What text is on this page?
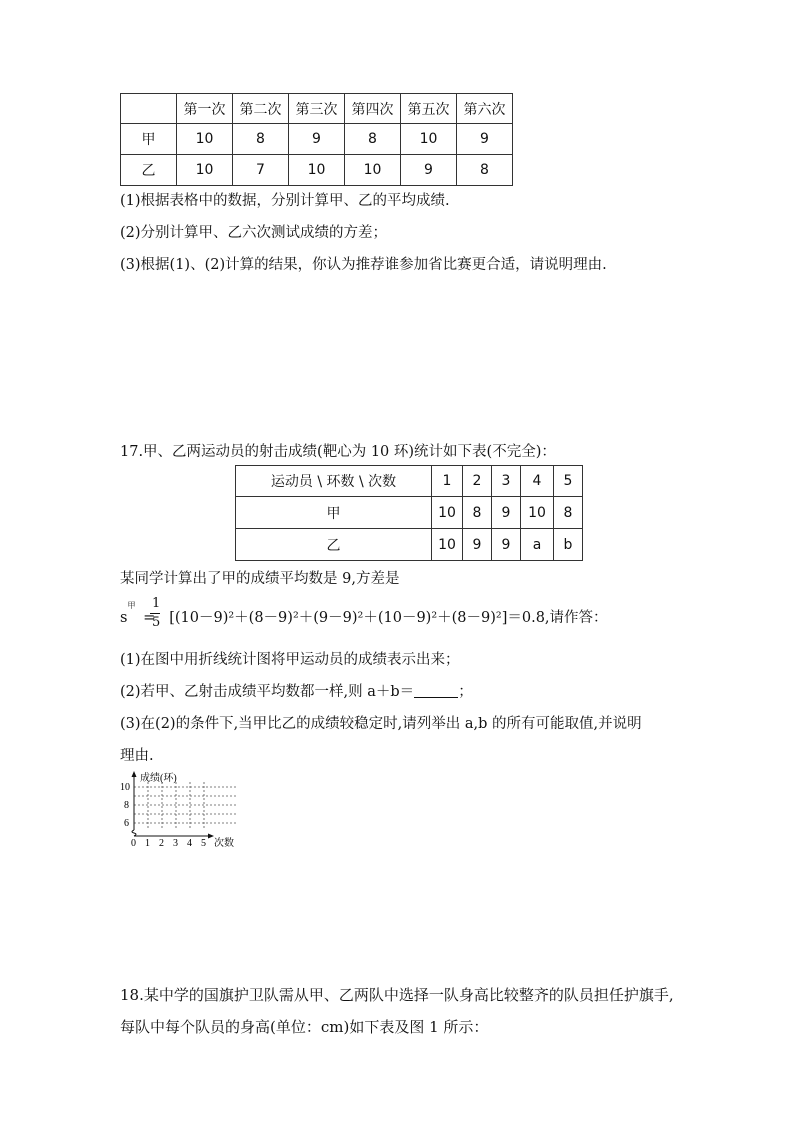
	第一次	第二次	第三次	第四次	第五次	第六次
甲	10	8	9	8	10	9
乙	10	7	10	10	9	8
(1)根据表格中的数据，分别计算甲、乙的平均成绩.
(2)分别计算甲、乙六次测试成绩的方差；
(3)根据(1)、(2)计算的结果，你认为推荐谁参加省比赛更合适，请说明理由.
17.甲、乙两运动员的射击成绩(靶心为 10 环)统计如下表(不完全)：
运动员 \ 环数 \ 次数	1	2	3	4	5
甲	10	8	9	10	8
乙	10	9	9	a	b
某同学计算出了甲的成绩平均数是 9,方差是
s
甲
= [(10－9)²＋(8－9)²＋(9－9)²＋(10－9)²＋(8－9)²]＝0.8,请作答：
1
5
(1)在图中用折线统计图将甲运动员的成绩表示出来；
(2)若甲、乙射击成绩平均数都一样,则 a＋b＝	；
(3)在(2)的条件下,当甲比乙的成绩较稳定时,请列举出 a,b 的所有可能取值,并说明
理由.
成绩(环)
10
8
6
0 1 2 3 4 5 次数
18.某中学的国旗护卫队需从甲、乙两队中选择一队身高比较整齐的队员担任护旗手,
每队中每个队员的身高(单位：cm)如下表及图 1 所示：
